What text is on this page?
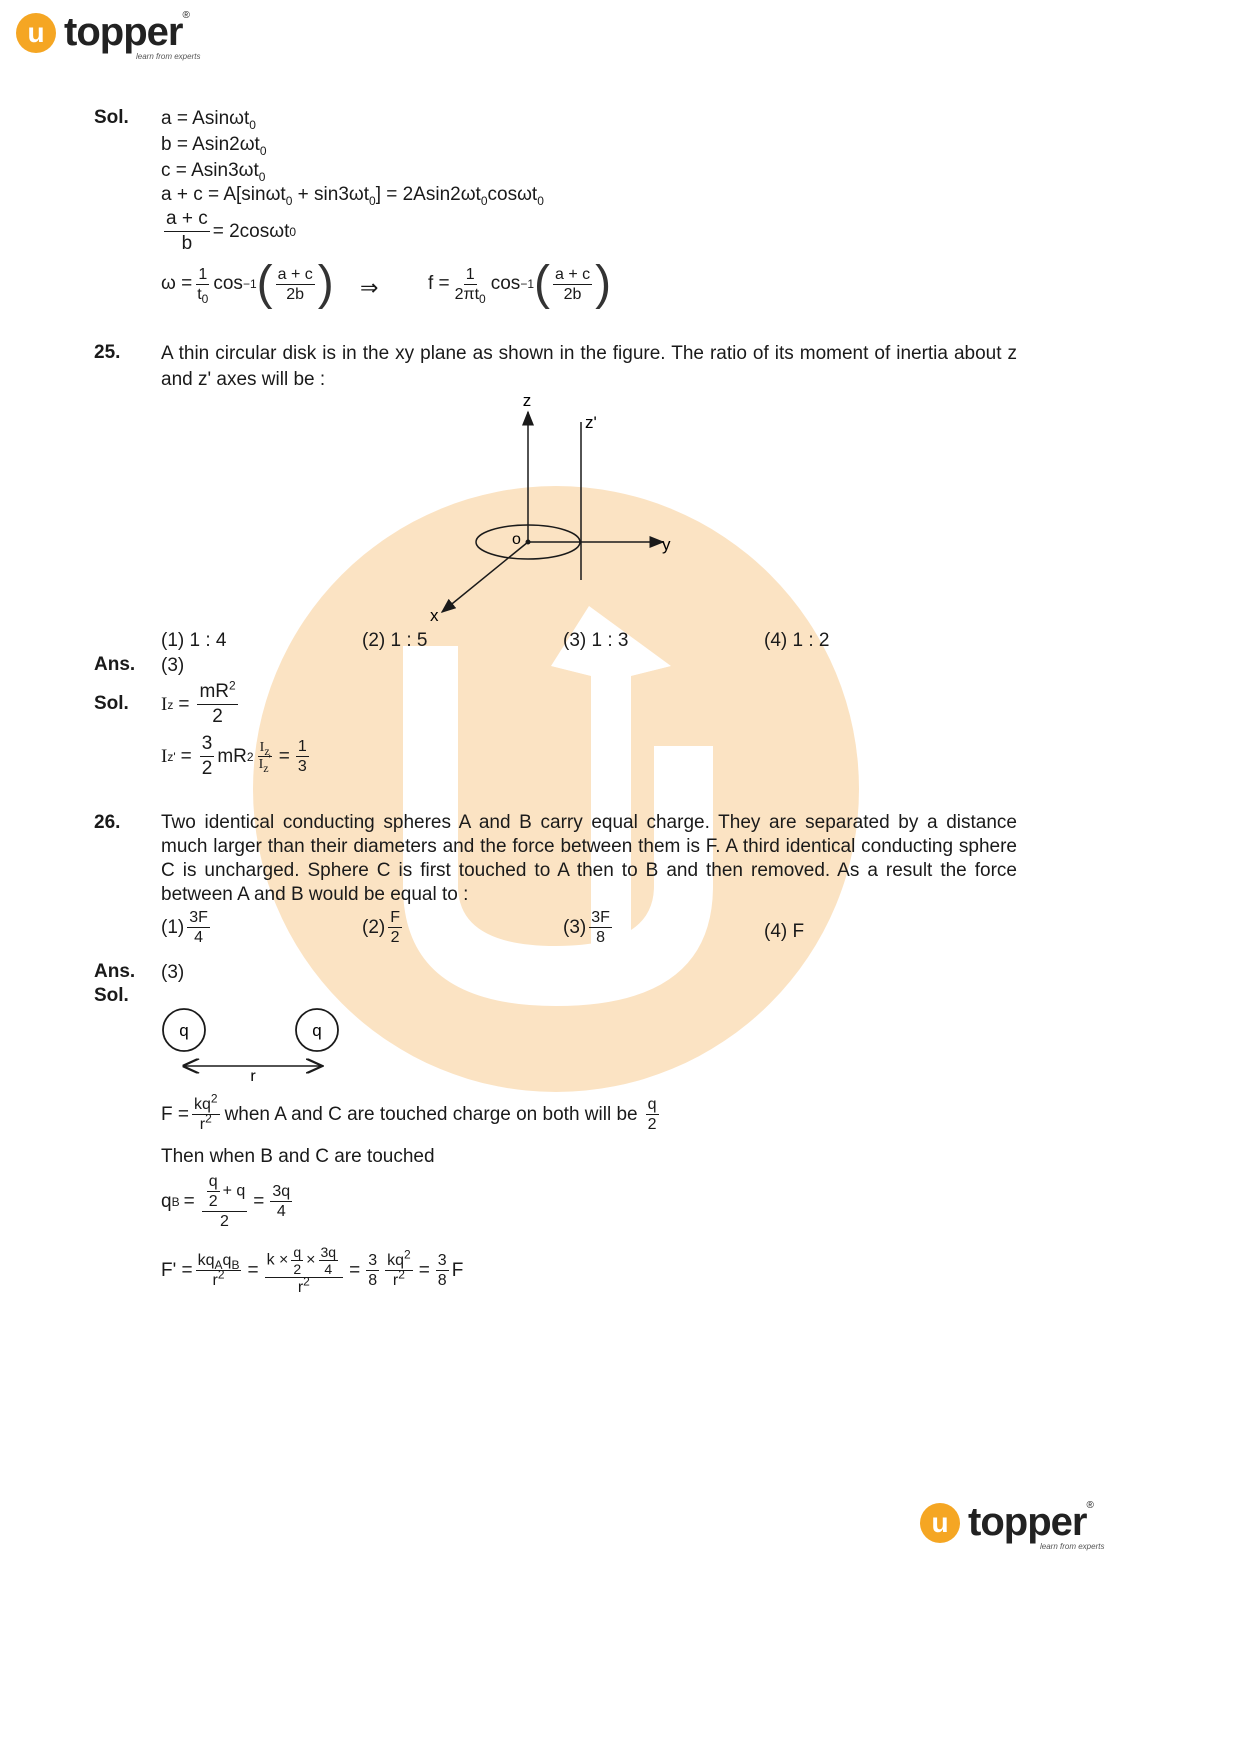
u topper ®
learn from experts
Sol. a = Asinωt$_0$
$b = Asin2\omega t_0$
$c = Asin3\omega t_0$
$a + c = A[\sin\omega t_0 + \sin 3\omega t_0] = 2Asin2\omega t_0\cos\omega t_0$
$\frac{a + c}{b} = 2\cos\omega t$ 0
$\omega = \frac{1}{t_0}$ cos −1 ( $\frac{a + c}{2b}$ ) ⇒	$f = \frac{1}{2\pi t_0}$ cos −1 ( $\frac{a + c}{2b}$ )
25. A thin circular disk is in the xy plane as shown in the figure. The ratio of its moment of inertia about z and z' axes will be :
z
z'
o	y
x
(1) 1 : 4	(2) 1 : 5	(3) 1 : 3	(4) 1 : 2
Ans. (3)
Sol. I $z = \frac{mR^2}{2}$
I z ' = $\frac{3}{2}$ mR $2 \frac{I_z}{I_z'} = \frac{1}{3}$
26. Two identical conducting spheres A and B carry equal charge. They are separated by a distance much larger than their diameters and the force between them is F. A third identical conducting sphere C is uncharged. Sphere C is first touched to A then to B and then removed. As a result the force between A and B would be equal to :
$(1) \frac{3F}{4}$	$(2) \frac{F}{2}$	$(3) \frac{3F}{8}$	(4) F
Ans. (3)
Sol.
q	q
r
$F = \frac{kq^2}{r^2}$ when A and C are touched charge on both will be $\frac{q}{2}$
Then when B and C are touched
q $B = \frac{\frac{q}{2} + q}{2} = \frac{3q}{4}$
$F' = \frac{kq_Aq_B}{r^2} = \frac{k \times \frac{q}{2} \times \frac{3q}{4}}{r^2} = \frac{3}{8} \frac{kq^2}{r^2} = \frac{3}{8}$ F
u topper ®
learn from experts
